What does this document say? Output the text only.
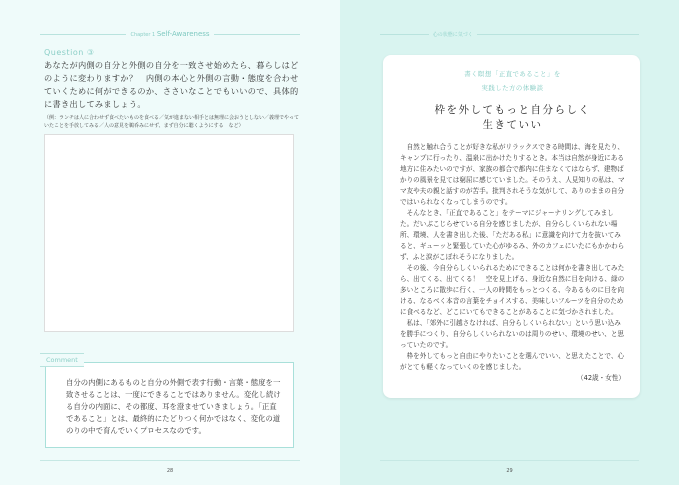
Chapter 1 Self-Awareness
Question ③
あなたが内側の自分と外側の自分を一致させ始めたら、暮らしはどのように変わりますか？　内側の本心と外側の言動・態度を合わせていくために何ができるのか、ささいなことでもいいので、具体的に書き出してみましょう。
（例：ランチは人に合わせず食べたいものを食べる／気が進まない相手とは無理に会おうとしない／義理でやっていたことを手放してみる／人の意見を鵜呑みにせず、まず自分に聴くようにする　など）
自分の内側にあるものと自分の外側で表す行動・言葉・態度を一致させることは、一度にできることではありません。変化し続ける自分の内面に、その都度、耳を澄ませていきましょう。「正直であること」とは、最終的にたどりつく何かではなく、変化の道のりの中で育んでいくプロセスなのです。
Comment
28
心の状態に気づく
書く瞑想「正直であること」を
実践した方の体験談
枠を外してもっと自分らしく
生きていい

自然と触れ合うことが好きな私がリラックスできる時間は、海を見たり、キャンプに行ったり、温泉に出かけたりするとき。本当は自然が身近にある地方に住みたいのですが、家族の都合で都内に住まなくてはならず、建物ばかりの風景を見ては窮屈に感じていました。そのうえ、人見知りの私は、ママ友や夫の親と話すのが苦手。批判されそうな気がして、ありのままの自分ではいられなくなってしまうのです。

そんなとき、「正直であること」をテーマにジャーナリングしてみました。だいぶこじらせている自分を感じましたが、自分らしくいられない場所、環境、人を書き出した後、「ただある私」に意識を向けて力を抜いてみると、ギューッと緊張していた心がゆるみ、外のカフェにいたにもかかわらず、ふと涙がこぼれそうになりました。

その後、今自分らしくいられるためにできることは何かを書き出してみたら、出てくる、出てくる！　空を見上げる、身近な自然に目を向ける、緑の多いところに散歩に行く、一人の時間をもっとつくる、今あるものに目を向ける、なるべく本音の言葉をチョイスする、美味しいフルーツを自分のために食べるなど、どこにいてもできることがあることに気づかされました。

私は、「郊外に引越さなければ、自分らしくいられない」という思い込みを勝手につくり、自分らしくいられないのは周りのせい、環境のせい、と思っていたのです。

枠を外してもっと自由にやりたいことを選んでいい、と思えたことで、心がとても軽くなっていくのを感じました。

（42歳・女性）
29
